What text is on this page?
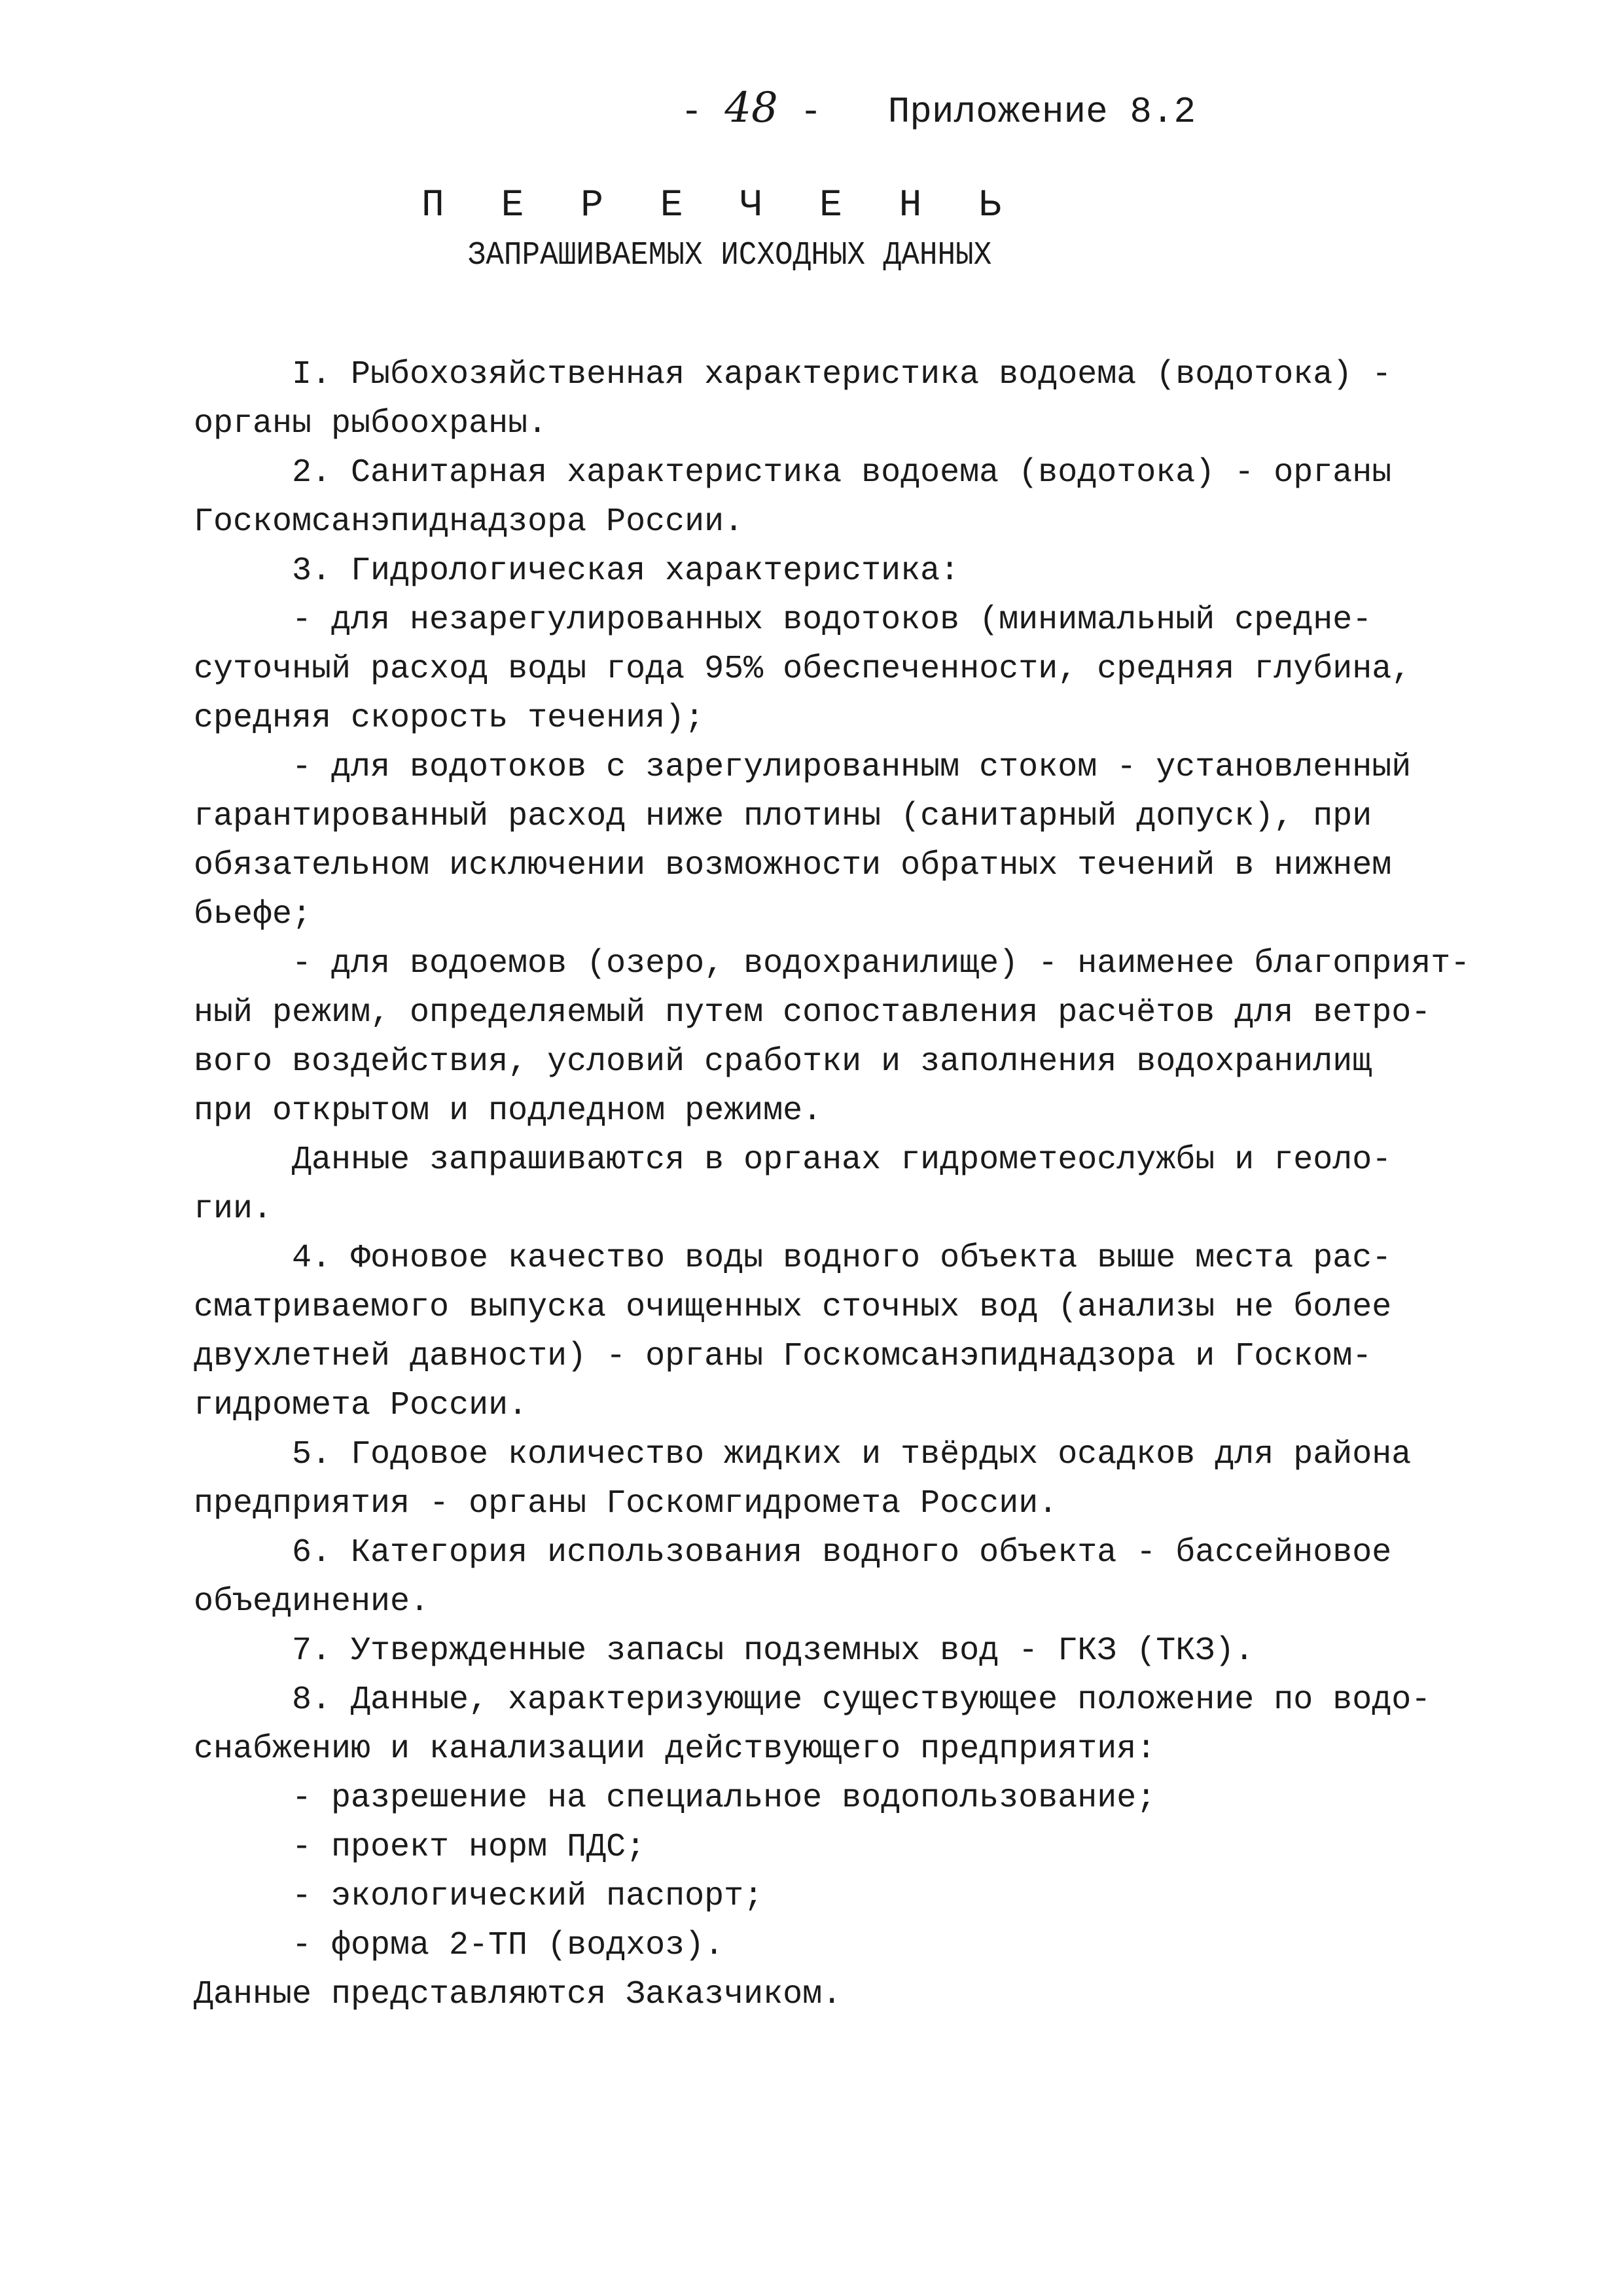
- 48 -   Приложение 8.2
П Е Р Е Ч Е Н Ь
ЗАПРАШИВАЕМЫХ ИСХОДНЫХ ДАННЫХ
I. Рыбохозяйственная характеристика водоема (водотока) -
органы рыбоохраны.
2. Санитарная характеристика водоема (водотока) - органы
Госкомсанэпиднадзора России.
3. Гидрологическая характеристика:
- для незарегулированных водотоков (минимальный средне-
суточный расход воды года 95% обеспеченности, средняя глубина,
средняя скорость течения);
- для водотоков с зарегулированным стоком - установленный
гарантированный расход ниже плотины (санитарный допуск), при
обязательном исключении возможности обратных течений в нижнем
бьефе;
- для водоемов (озеро, водохранилище) - наименее благоприят-
ный режим, определяемый путем сопоставления расчётов для ветро-
вого воздействия, условий сработки и заполнения водохранилищ
при открытом и подледном режиме.
Данные запрашиваются в органах гидрометеослужбы и геоло-
гии.
4. Фоновое качество воды водного объекта выше места рас-
сматриваемого выпуска очищенных сточных вод (анализы не более
двухлетней давности) - органы Госкомсанэпиднадзора и Госком-
гидромета России.
5. Годовое количество жидких и твёрдых осадков для района
предприятия - органы Госкомгидромета России.
6. Категория использования водного объекта - бассейновое
объединение.
7. Утвержденные запасы подземных вод - ГКЗ (ТКЗ).
8. Данные, характеризующие существующее положение по водо-
снабжению и канализации действующего предприятия:
- разрешение на специальное водопользование;
- проект норм ПДС;
- экологический паспорт;
- форма 2-ТП (водхоз).
Данные представляются Заказчиком.
